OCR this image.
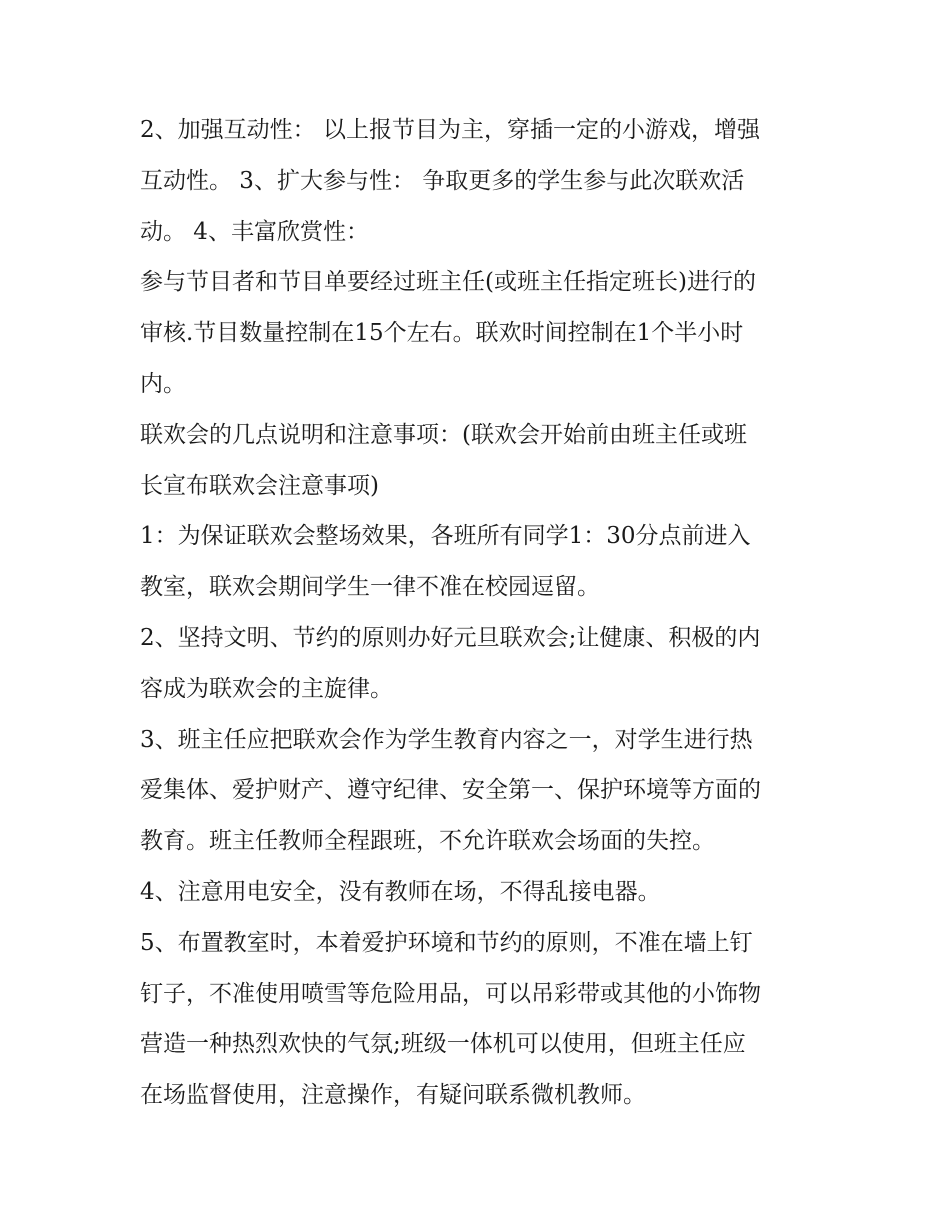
2、加强互动性： 以上报节目为主，穿插一定的小游戏，增强
互动性。 3、扩大参与性： 争取更多的学生参与此次联欢活
动。 4、丰富欣赏性：
参与节目者和节目单要经过班主任(或班主任指定班长)进行的
审核.节目数量控制在15个左右。联欢时间控制在1个半小时
内。
联欢会的几点说明和注意事项：(联欢会开始前由班主任或班
长宣布联欢会注意事项)
1：为保证联欢会整场效果，各班所有同学1：30分点前进入
教室，联欢会期间学生一律不准在校园逗留。
2、坚持文明、节约的原则办好元旦联欢会;让健康、积极的内
容成为联欢会的主旋律。
3、班主任应把联欢会作为学生教育内容之一，对学生进行热
爱集体、爱护财产、遵守纪律、安全第一、保护环境等方面的
教育。班主任教师全程跟班，不允许联欢会场面的失控。
4、注意用电安全，没有教师在场，不得乱接电器。
5、布置教室时，本着爱护环境和节约的原则，不准在墙上钉
钉子，不准使用喷雪等危险用品，可以吊彩带或其他的小饰物
营造一种热烈欢快的气氛;班级一体机可以使用，但班主任应
在场监督使用，注意操作，有疑问联系微机教师。
